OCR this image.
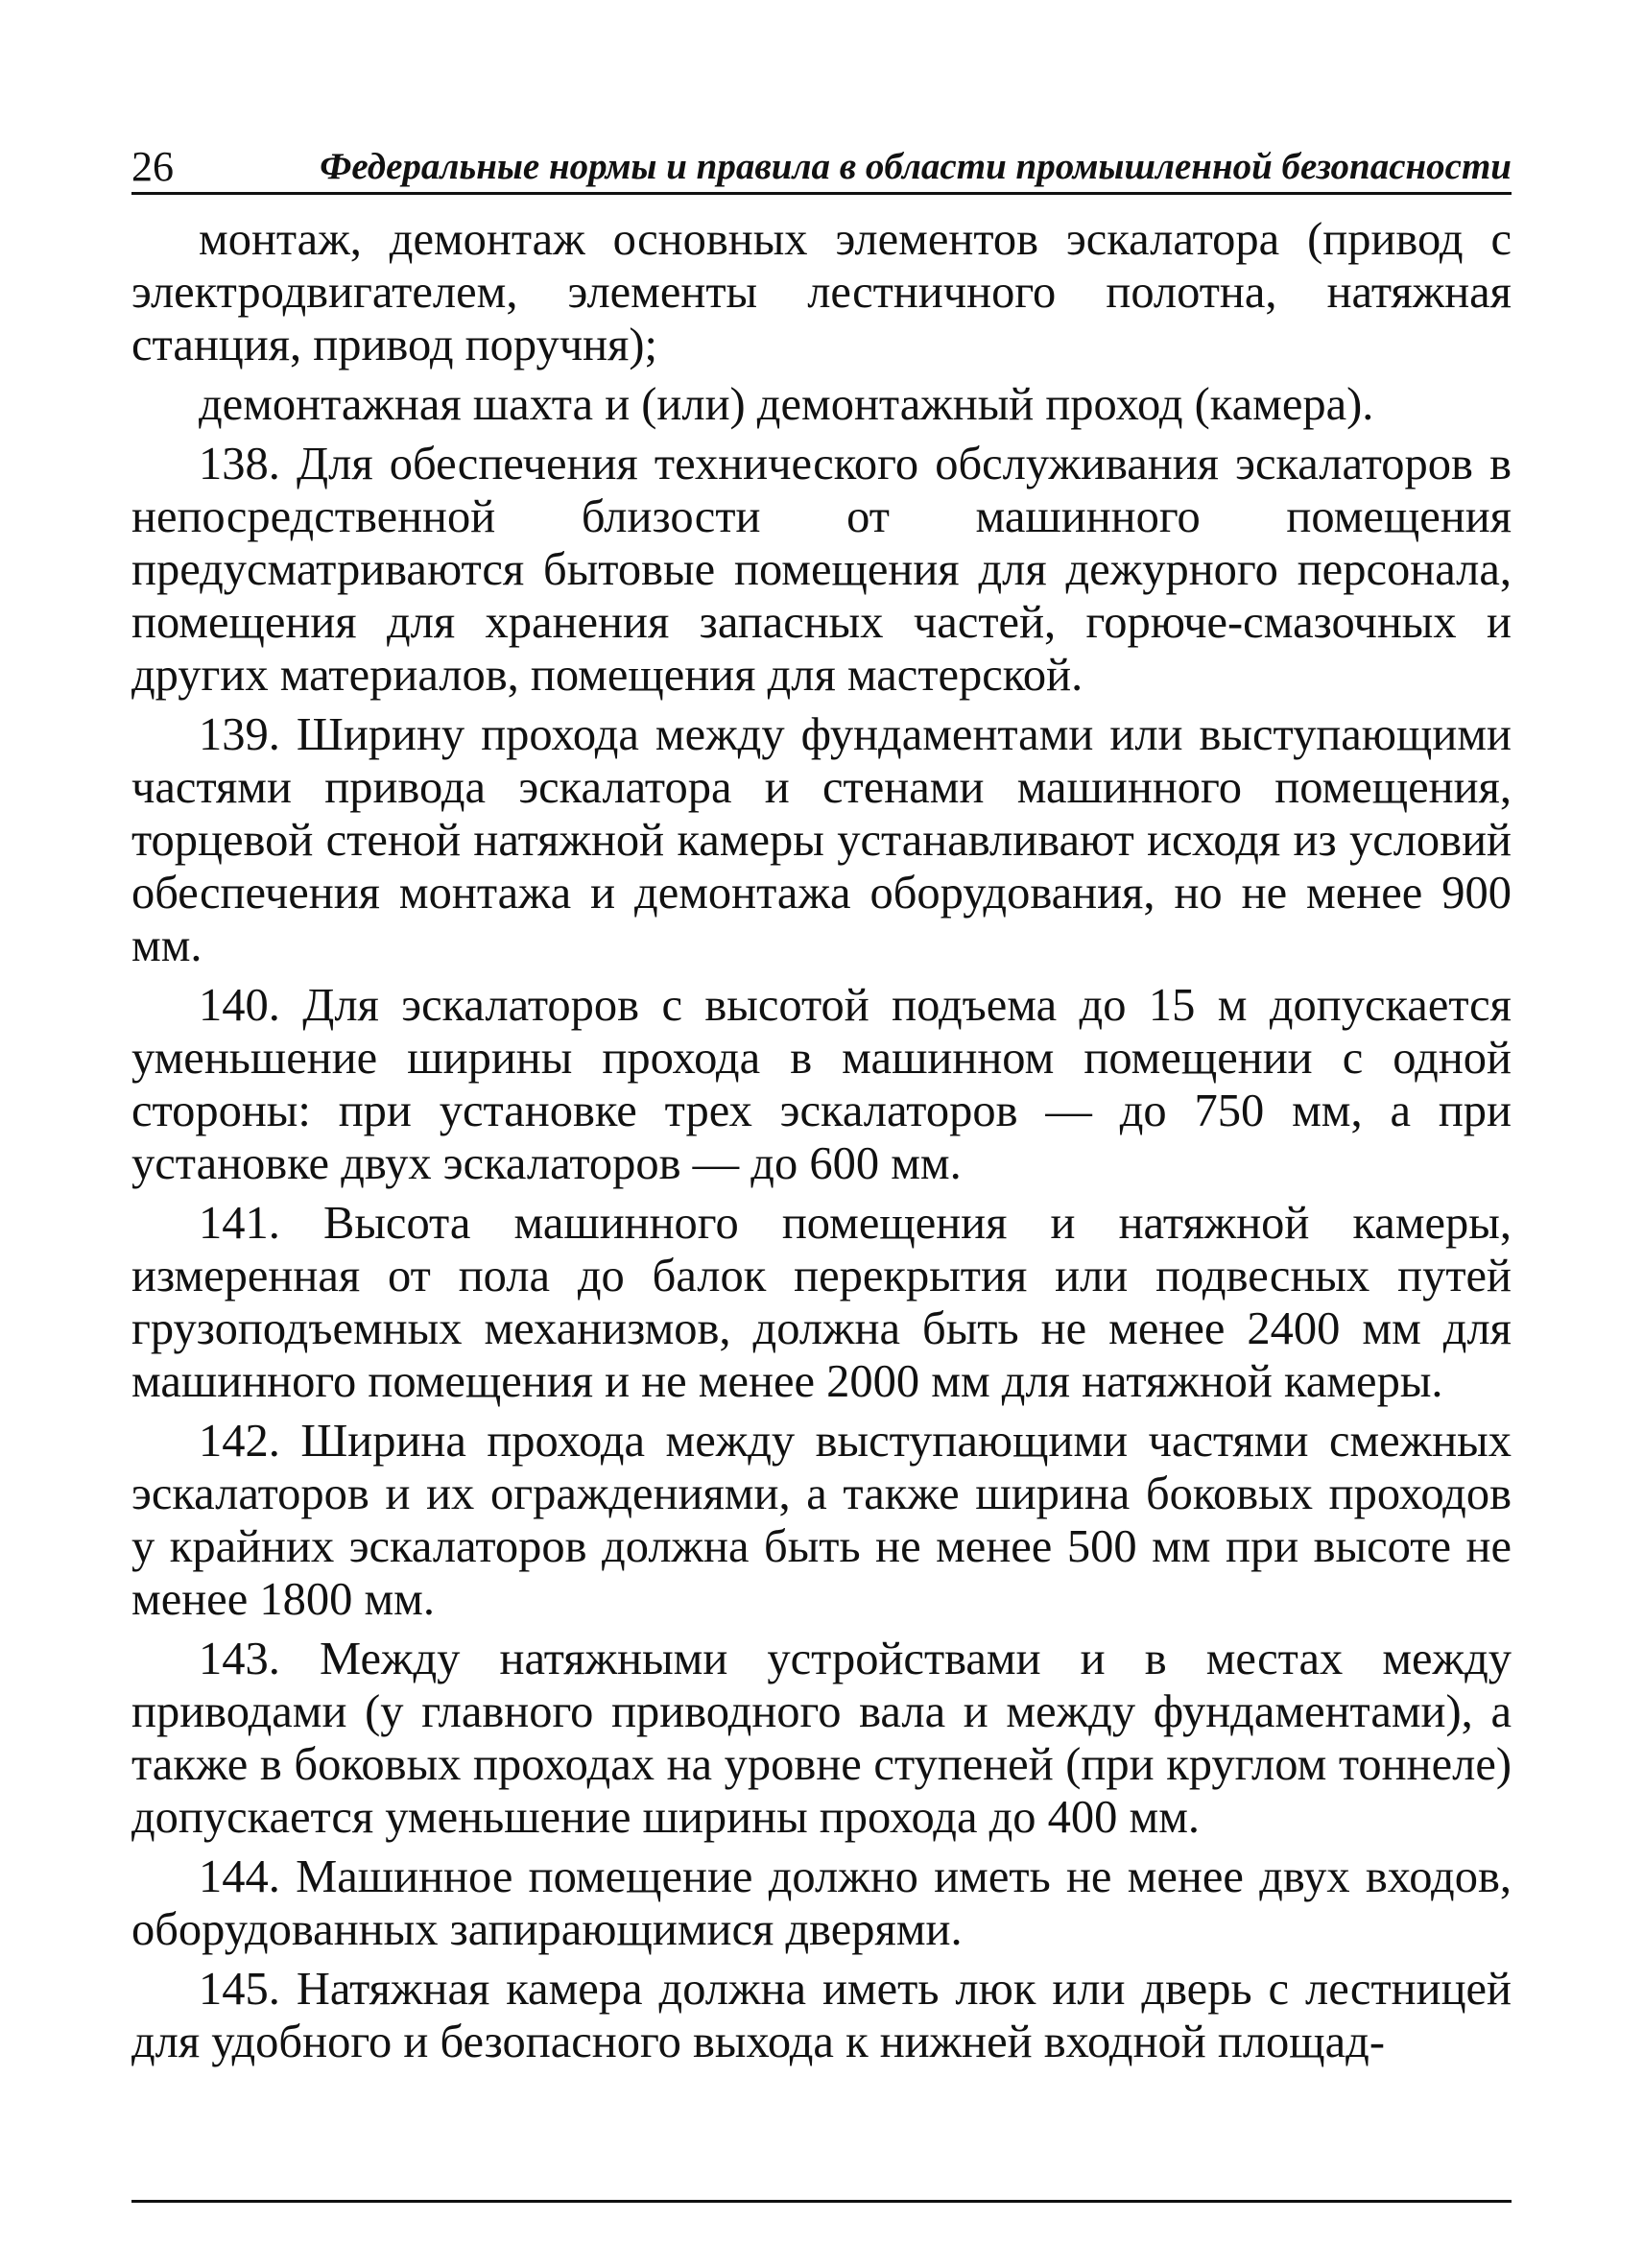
26	Федеральные нормы и правила в области промышленной безопасности

монтаж, демонтаж основных элементов эскалатора (привод с электродвигателем, элементы лестничного полотна, натяжная станция, привод поручня);

демонтажная шахта и (или) демонтажный проход (камера).

138. Для обеспечения технического обслуживания эскалаторов в непосредственной близости от машинного помещения предусматриваются бытовые помещения для дежурного персонала, помещения для хранения запасных частей, горюче-смазочных и других материалов, помещения для мастерской.

139. Ширину прохода между фундаментами или выступающими частями привода эскалатора и стенами машинного помещения, торцевой стеной натяжной камеры устанавливают исходя из условий обеспечения монтажа и демонтажа оборудования, но не менее 900 мм.

140. Для эскалаторов с высотой подъема до 15 м допускается уменьшение ширины прохода в машинном помещении с одной стороны: при установке трех эскалаторов — до 750 мм, а при установке двух эскалаторов — до 600 мм.

141. Высота машинного помещения и натяжной камеры, измеренная от пола до балок перекрытия или подвесных путей грузоподъемных механизмов, должна быть не менее 2400 мм для машинного помещения и не менее 2000 мм для натяжной камеры.

142. Ширина прохода между выступающими частями смежных эскалаторов и их ограждениями, а также ширина боковых проходов у крайних эскалаторов должна быть не менее 500 мм при высоте не менее 1800 мм.

143. Между натяжными устройствами и в местах между приводами (у главного приводного вала и между фундаментами), а также в боковых проходах на уровне ступеней (при круглом тоннеле) допускается уменьшение ширины прохода до 400 мм.

144. Машинное помещение должно иметь не менее двух входов, оборудованных запирающимися дверями.

145. Натяжная камера должна иметь люк или дверь с лестницей для удобного и безопасного выхода к нижней входной площад-
